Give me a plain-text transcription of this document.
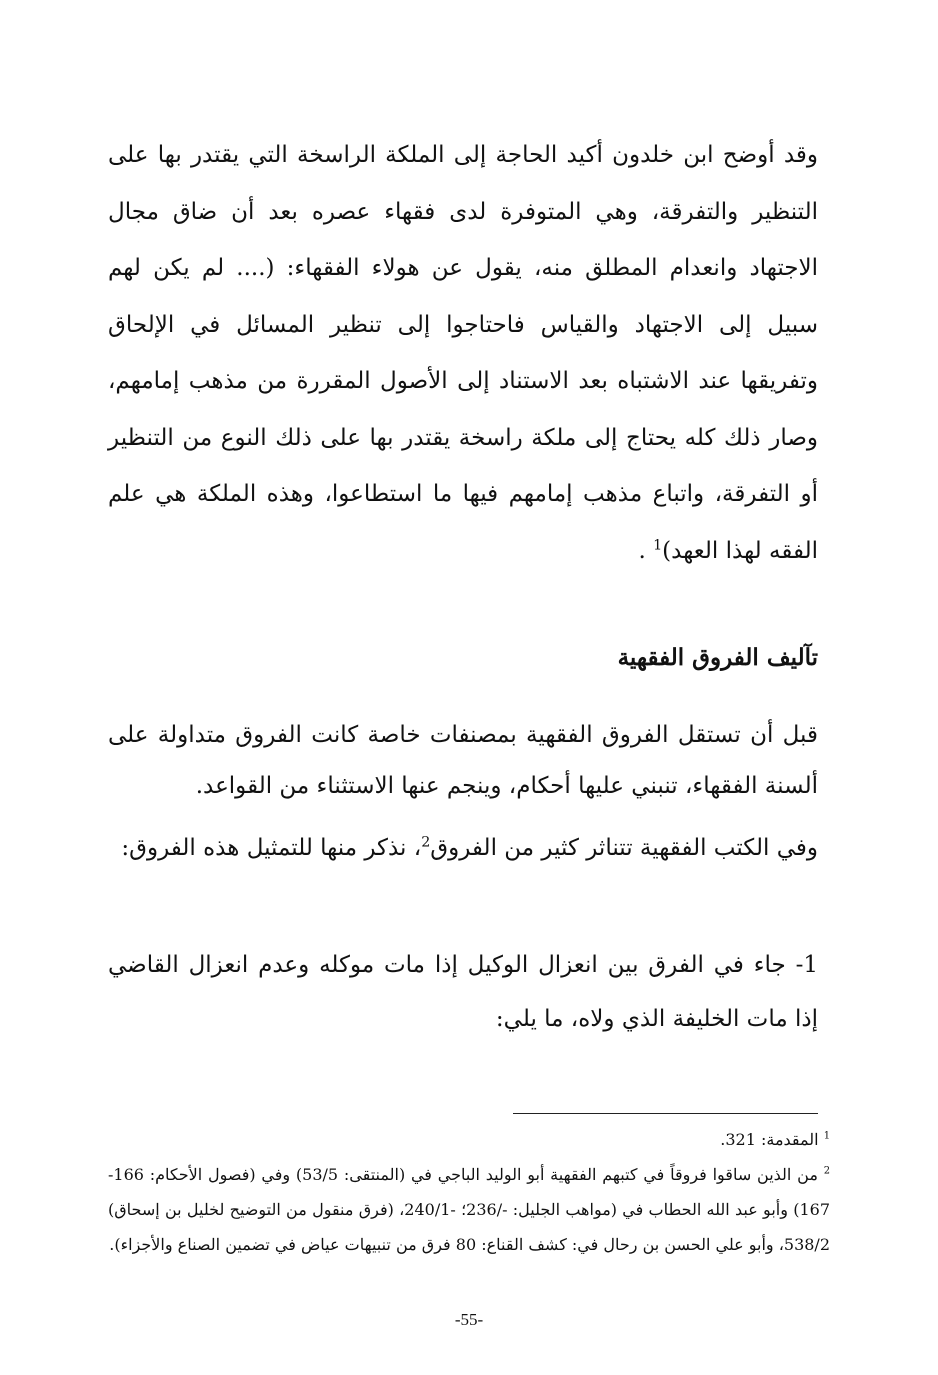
وقد أوضح ابن خلدون أكيد الحاجة إلى الملكة الراسخة التي يقتدر بها على التنظير والتفرقة، وهي المتوفرة لدى فقهاء عصره بعد أن ضاق مجال الاجتهاد وانعدام المطلق منه، يقول عن هولاء الفقهاء: (.... لم يكن لهم سبيل إلى الاجتهاد والقياس فاحتاجوا إلى تنظير المسائل في الإلحاق وتفريقها عند الاشتباه بعد الاستناد إلى الأصول المقررة من مذهب إمامهم، وصار ذلك كله يحتاج إلى ملكة راسخة يقتدر بها على ذلك النوع من التنظير أو التفرقة، واتباع مذهب إمامهم فيها ما استطاعوا، وهذه الملكة هي علم الفقه لهذا العهد)$^1$ .
تآليف الفروق الفقهية
قبل أن تستقل الفروق الفقهية بمصنفات خاصة كانت الفروق متداولة على ألسنة الفقهاء، تنبني عليها أحكام، وينجم عنها الاستثناء من القواعد.
وفي الكتب الفقهية تتناثر كثير من الفروق$^2$، نذكر منها للتمثيل هذه الفروق:
1- جاء في الفرق بين انعزال الوكيل إذا مات موكله وعدم انعزال القاضي إذا مات الخليفة الذي ولاه، ما يلي:
$^1$ المقدمة: 321.
$^2$ من الذين ساقوا فروقاً في كتبهم الفقهية أبو الوليد الباجي في (المنتقى: 53/5) وفي (فصول الأحكام: 166-167) وأبو عبد الله الحطاب في (مواهب الجليل: -/236؛ -240/1، (فرق منقول من التوضيح لخليل بن إسحاق) 538/2، وأبو علي الحسن بن رحال في: كشف القناع: 80 فرق من تنبيهات عياض في تضمين الصناع والأجزاء).
-55-
